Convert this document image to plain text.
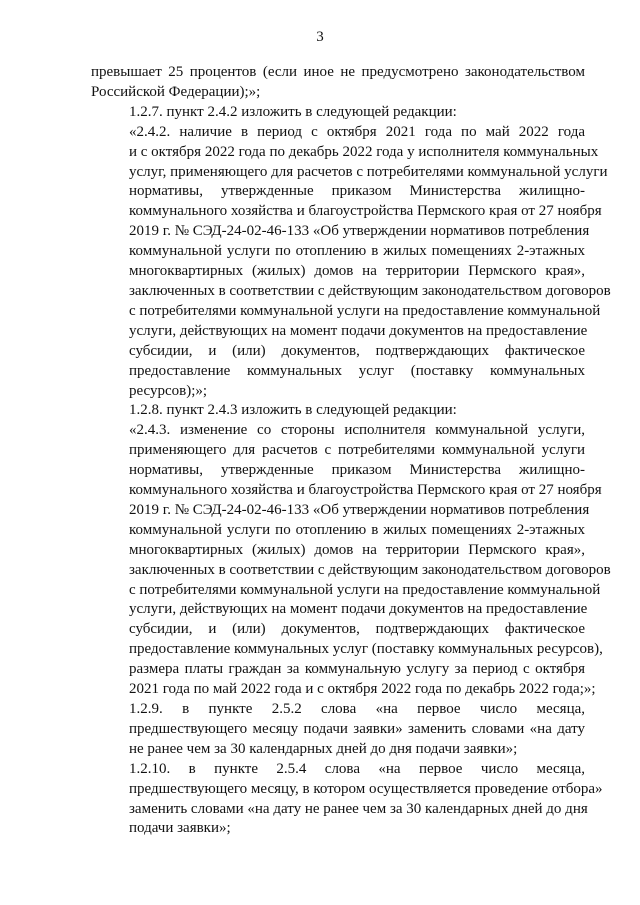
3

превышает 25 процентов (если иное не предусмотрено законодательством
Российской Федерации);»;

1.2.7. пункт 2.4.2 изложить в следующей редакции:

«2.4.2. наличие в период с октября 2021 года по май 2022 года
и с октября 2022 года по декабрь 2022 года у исполнителя коммунальных
услуг, применяющего для расчетов с потребителями коммунальной услуги
нормативы, утвержденные приказом Министерства жилищно-
коммунального хозяйства и благоустройства Пермского края от 27 ноября
2019 г. № СЭД-24-02-46-133 «Об утверждении нормативов потребления
коммунальной услуги по отоплению в жилых помещениях 2-этажных
многоквартирных (жилых) домов на территории Пермского края»,
заключенных в соответствии с действующим законодательством договоров
с потребителями коммунальной услуги на предоставление коммунальной
услуги, действующих на момент подачи документов на предоставление
субсидии, и (или) документов, подтверждающих фактическое
предоставление коммунальных услуг (поставку коммунальных
ресурсов);»;

1.2.8. пункт 2.4.3 изложить в следующей редакции:

«2.4.3. изменение со стороны исполнителя коммунальной услуги,
применяющего для расчетов с потребителями коммунальной услуги
нормативы, утвержденные приказом Министерства жилищно-
коммунального хозяйства и благоустройства Пермского края от 27 ноября
2019 г. № СЭД-24-02-46-133 «Об утверждении нормативов потребления
коммунальной услуги по отоплению в жилых помещениях 2-этажных
многоквартирных (жилых) домов на территории Пермского края»,
заключенных в соответствии с действующим законодательством договоров
с потребителями коммунальной услуги на предоставление коммунальной
услуги, действующих на момент подачи документов на предоставление
субсидии, и (или) документов, подтверждающих фактическое
предоставление коммунальных услуг (поставку коммунальных ресурсов),
размера платы граждан за коммунальную услугу за период с октября
2021 года по май 2022 года и с октября 2022 года по декабрь 2022 года;»;

1.2.9. в пункте 2.5.2 слова «на первое число месяца,
предшествующего месяцу подачи заявки» заменить словами «на дату
не ранее чем за 30 календарных дней до дня подачи заявки»;

1.2.10. в пункте 2.5.4 слова «на первое число месяца,
предшествующего месяцу, в котором осуществляется проведение отбора»
заменить словами «на дату не ранее чем за 30 календарных дней до дня
подачи заявки»;
